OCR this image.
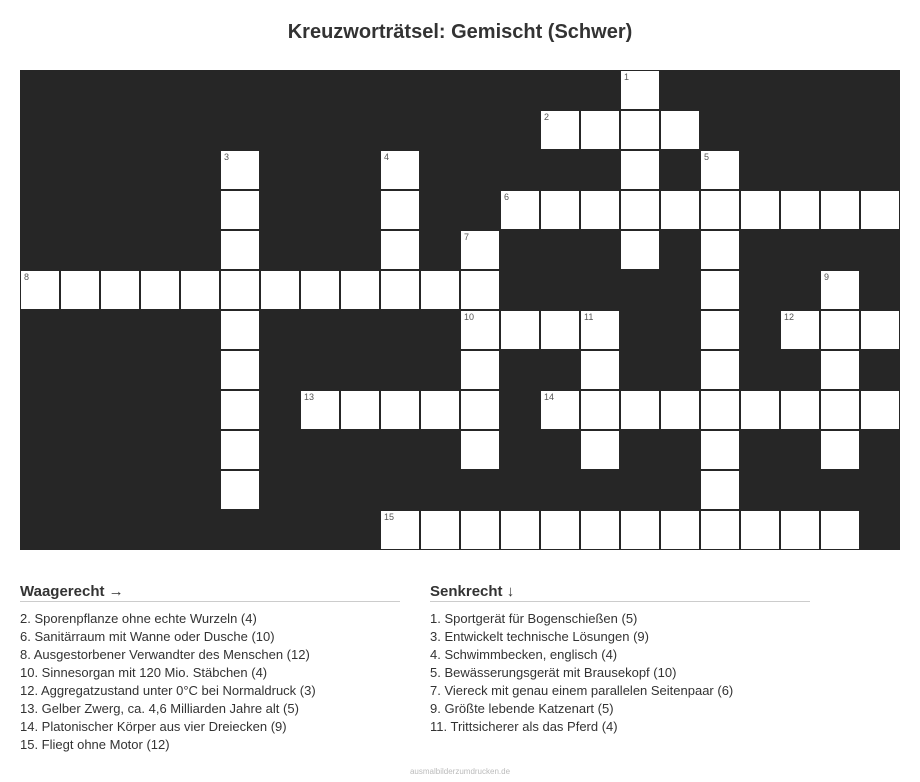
Kreuzworträtsel: Gemischt (Schwer)
1
2
3	4	5
6
7
8	9
10	11	12
13	14
15
Waagerecht →
2. Sporenpflanze ohne echte Wurzeln (4)
6. Sanitärraum mit Wanne oder Dusche (10)
8. Ausgestorbener Verwandter des Menschen (12)
10. Sinnesorgan mit 120 Mio. Stäbchen (4)
12. Aggregatzustand unter 0°C bei Normaldruck (3)
13. Gelber Zwerg, ca. 4,6 Milliarden Jahre alt (5)
14. Platonischer Körper aus vier Dreiecken (9)
15. Fliegt ohne Motor (12)
Senkrecht ↓
1. Sportgerät für Bogenschießen (5)
3. Entwickelt technische Lösungen (9)
4. Schwimmbecken, englisch (4)
5. Bewässerungsgerät mit Brausekopf (10)
7. Viereck mit genau einem parallelen Seitenpaar (6)
9. Größte lebende Katzenart (5)
11. Trittsicherer als das Pferd (4)
ausmalbilderzumdrucken.de
